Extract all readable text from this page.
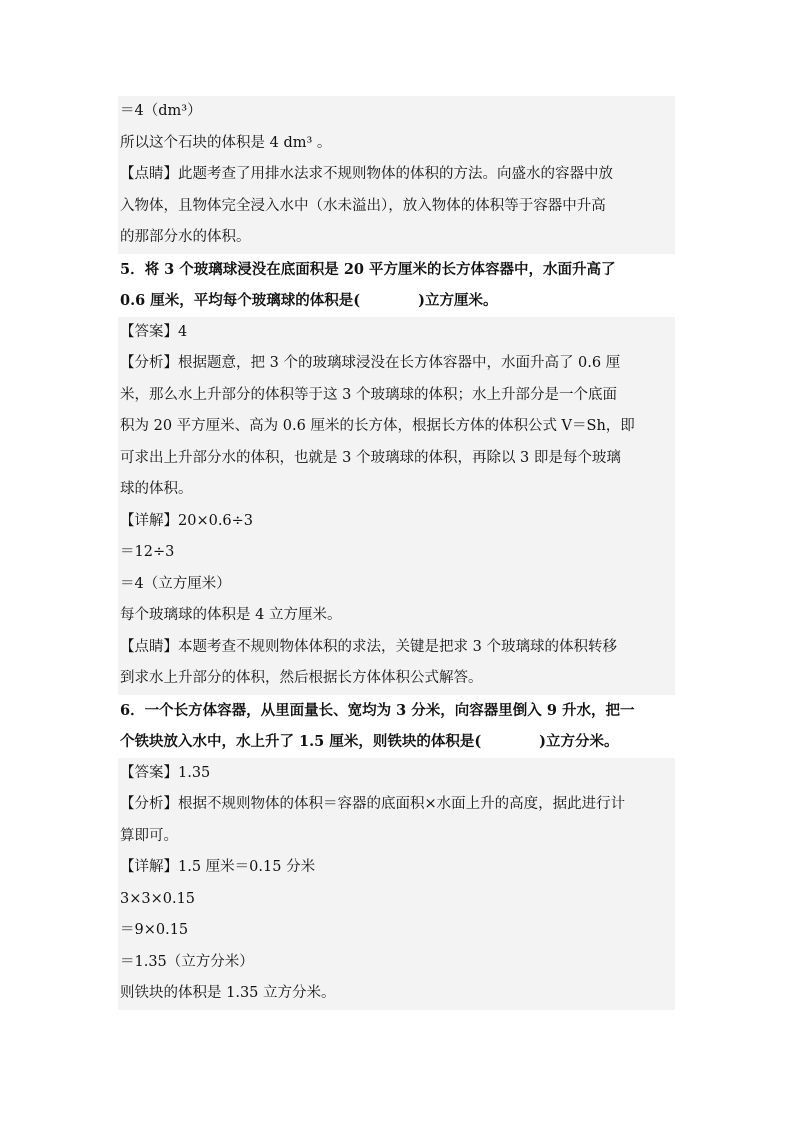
＝4（dm³）
所以这个石块的体积是 4 dm³ 。
【点睛】此题考查了用排水法求不规则物体的体积的方法。向盛水的容器中放
入物体，且物体完全浸入水中（水未溢出），放入物体的体积等于容器中升高
的那部分水的体积。
5．将 3 个玻璃球浸没在底面积是 20 平方厘米的长方体容器中，水面升高了
0.6 厘米，平均每个玻璃球的体积是(　　　　)立方厘米。
【答案】4
【分析】根据题意，把 3 个的玻璃球浸没在长方体容器中，水面升高了 0.6 厘
米，那么水上升部分的体积等于这 3 个玻璃球的体积；水上升部分是一个底面
积为 20 平方厘米、高为 0.6 厘米的长方体，根据长方体的体积公式 V＝Sh，即
可求出上升部分水的体积，也就是 3 个玻璃球的体积，再除以 3 即是每个玻璃
球的体积。
【详解】20×0.6÷3
＝12÷3
＝4（立方厘米）
每个玻璃球的体积是 4 立方厘米。
【点睛】本题考查不规则物体体积的求法，关键是把求 3 个玻璃球的体积转移
到求水上升部分的体积，然后根据长方体体积公式解答。
6．一个长方体容器，从里面量长、宽均为 3 分米，向容器里倒入 9 升水，把一
个铁块放入水中，水上升了 1.5 厘米，则铁块的体积是(　　　　)立方分米。
【答案】1.35
【分析】根据不规则物体的体积＝容器的底面积×水面上升的高度，据此进行计
算即可。
【详解】1.5 厘米＝0.15 分米
3×3×0.15
＝9×0.15
＝1.35（立方分米）
则铁块的体积是 1.35 立方分米。
